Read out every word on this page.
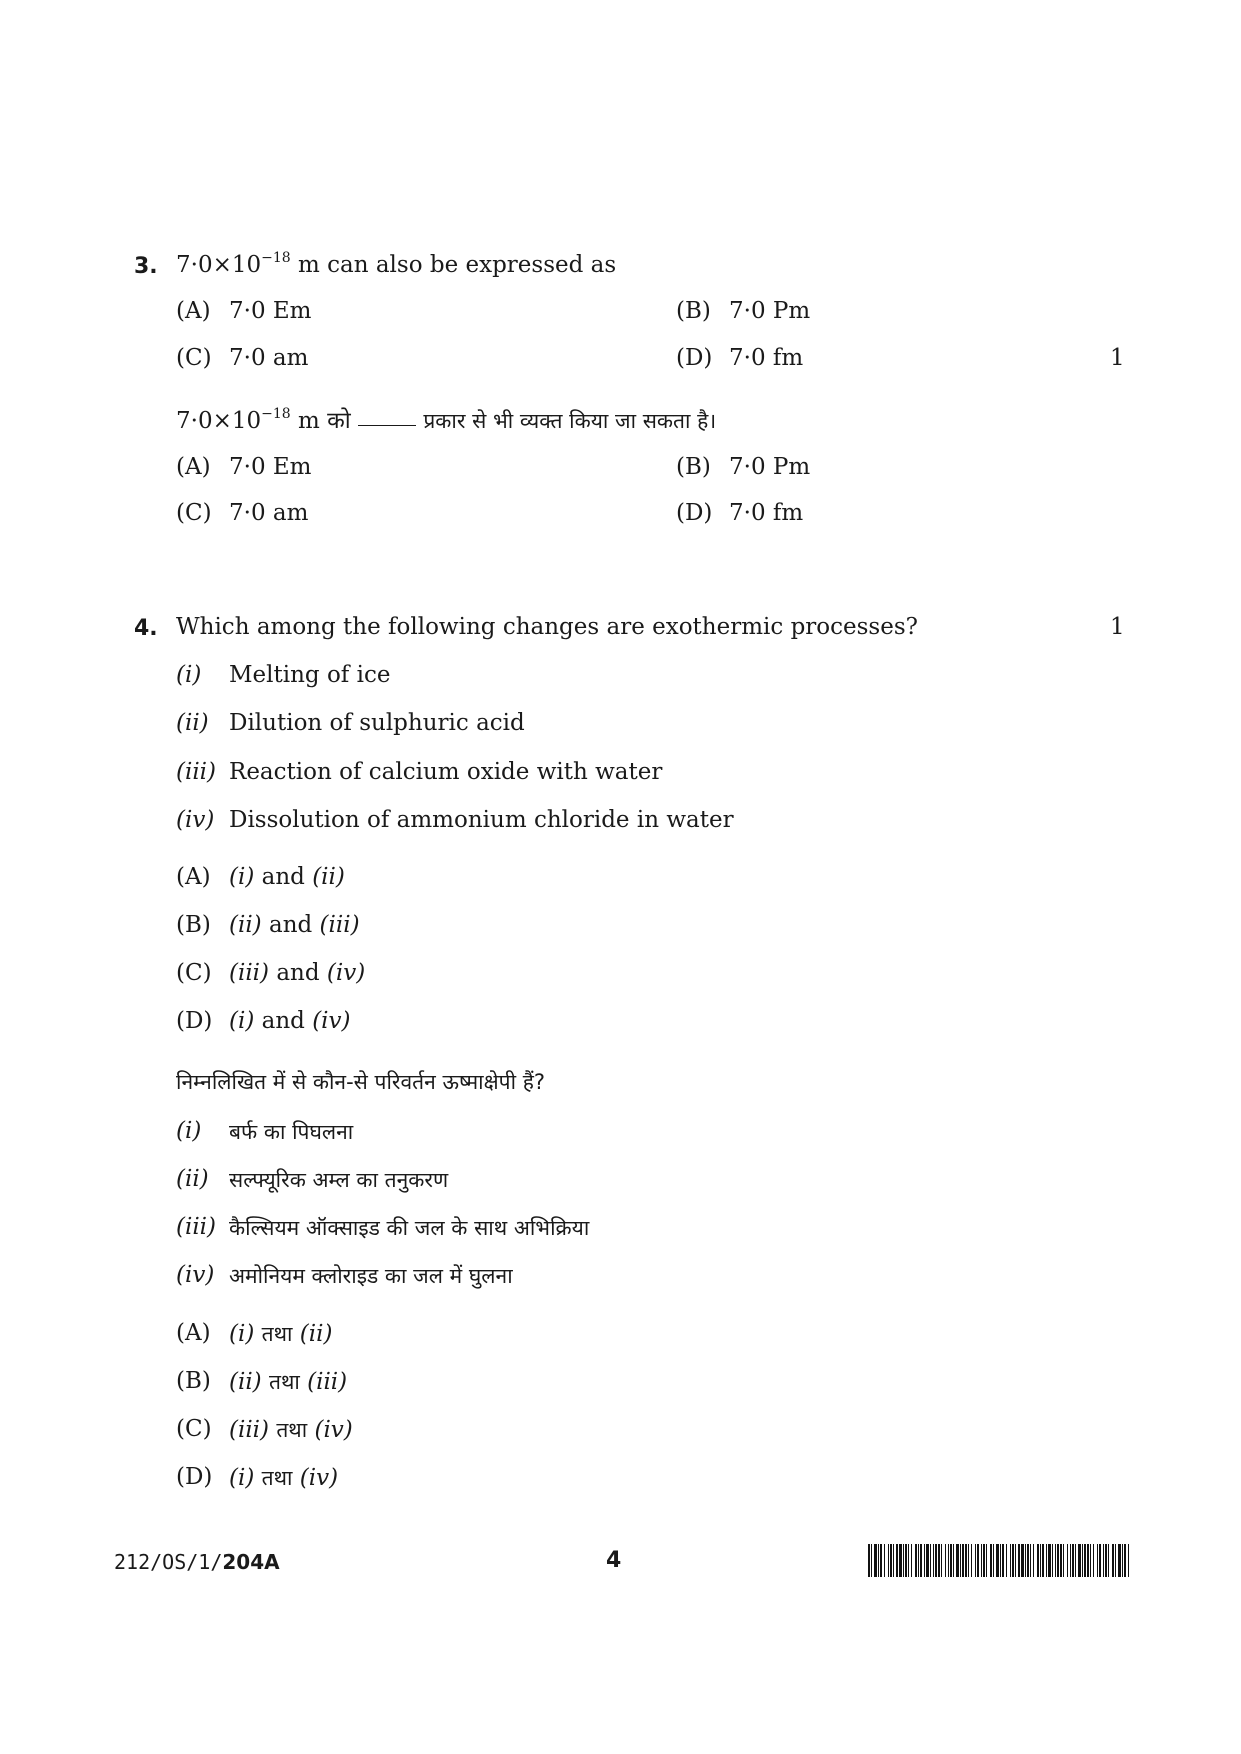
3. $7\cdot 0\times 10^{-18}$ m can also be expressed as
(A) 7·0 Em	(B) 7·0 Pm
(C) 7·0 am	(D) 7·0 fm	1
$7\cdot 0\times 10^{-18}$ m को	प्रकार से भी व्यक्त किया जा सकता है।
(A) 7·0 Em	(B) 7·0 Pm
(C) 7·0 am	(D) 7·0 fm
4. Which among the following changes are exothermic processes?	1
(i)	Melting of ice
(ii) Dilution of sulphuric acid
(iii) Reaction of calcium oxide with water
(iv) Dissolution of ammonium chloride in water
(A) (i) and (ii)
(B) (ii) and (iii)
(C) (iii) and (iv)
(D) (i) and (iv)
निम्नलिखित में से कौन-से परिवर्तन ऊष्माक्षेपी हैं?
(i)	बर्फ का पिघलना
(ii) सल्फ्यूरिक अम्ल का तनुकरण
(iii) कैल्सियम ऑक्साइड की जल के साथ अभिक्रिया
(iv) अमोनियम क्लोराइड का जल में घुलना
(A) (i) तथा (ii)
(B) (ii) तथा (iii)
(C) (iii) तथा (iv)
(D) (i) तथा (iv)
212/OS/1/204A	4
